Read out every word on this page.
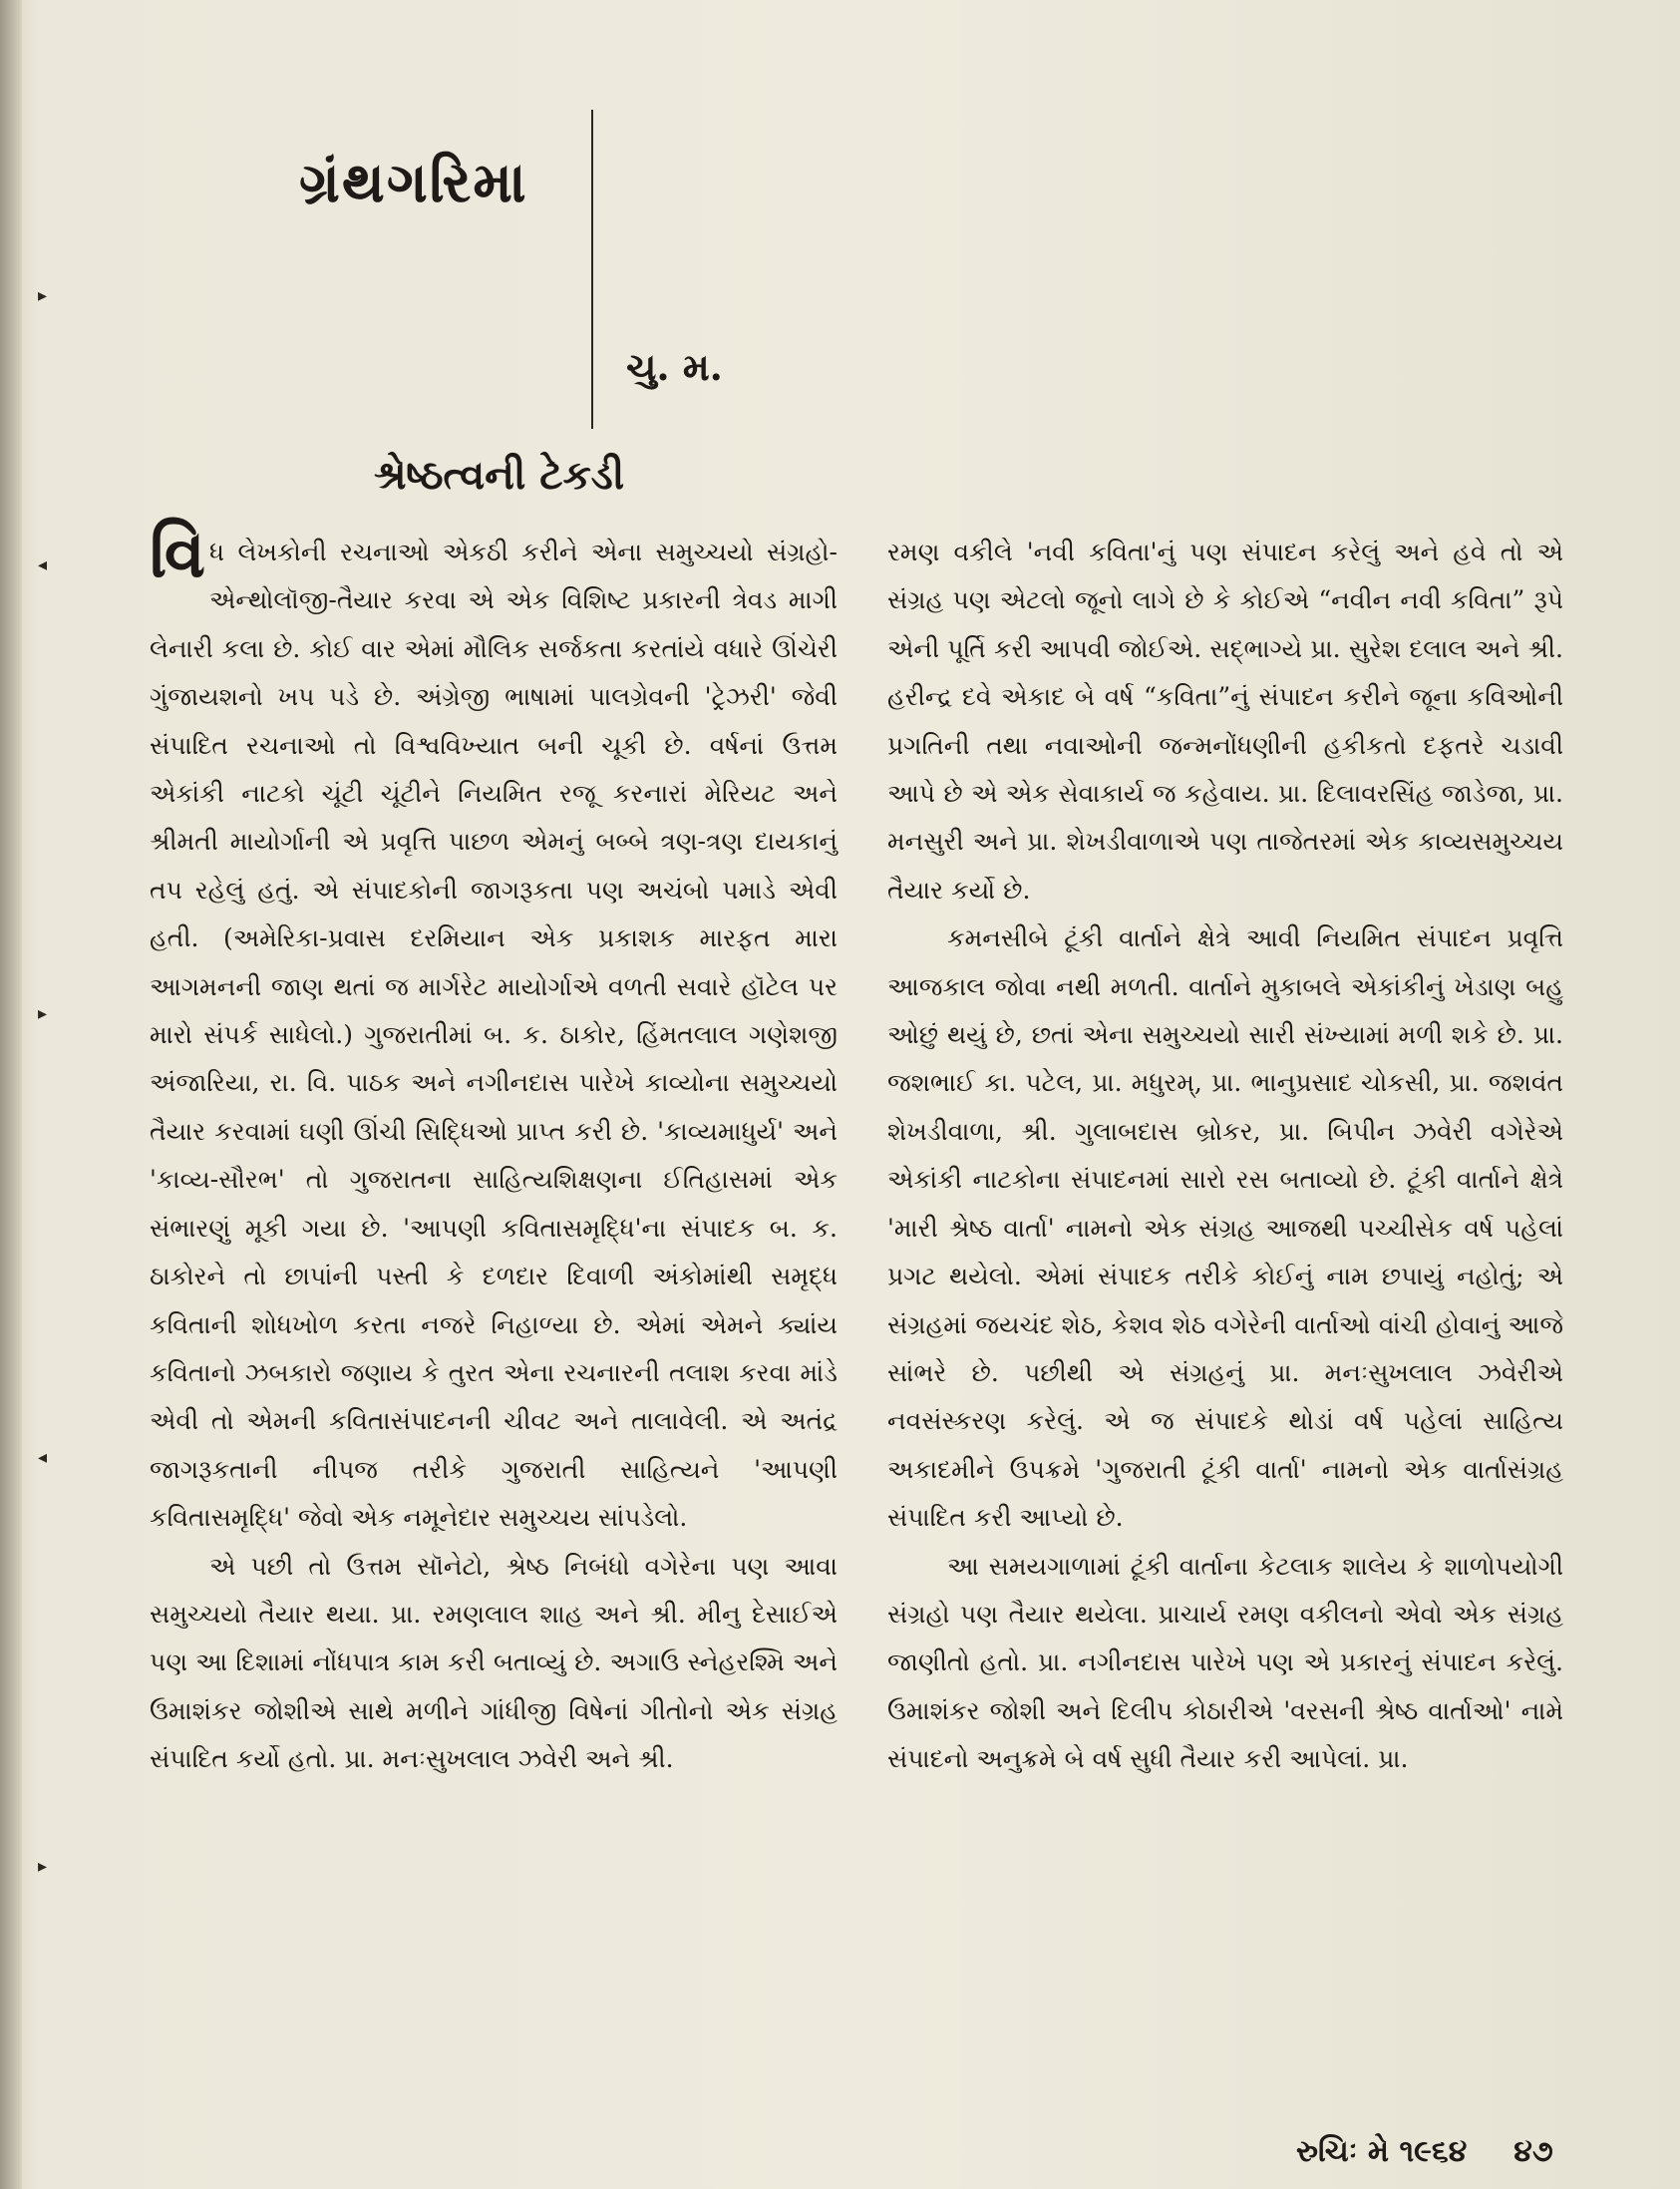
▸
◂
▸
◂
▸
ગ્રંથગરિમા
ચુ. મ.
શ્રેષ્ઠત્વની ટેકડી

વિધ લેખકોની રચનાઓ એકઠી કરીને એના સમુચ્ચયો સંગ્રહો-એન્થોલૉજી-તૈયાર કરવા એ એક વિશિષ્ટ પ્રકારની ત્રેવડ માગી લેનારી કલા છે. કોઈ વાર એમાં મૌલિક સર્જકતા કરતાંયે વધારે ઊંચેરી ગુંજાયશનો ખપ પડે છે. અંગ્રેજી ભાષામાં પાલગ્રેવની 'ટ્રેઝરી' જેવી સંપાદિત રચનાઓ તો વિશ્વવિખ્યાત બની ચૂકી છે. વર્ષનાં ઉત્તમ એકાંકી નાટકો ચૂંટી ચૂંટીને નિયમિત રજૂ કરનારાં મેરિયટ અને શ્રીમતી માયોર્ગાની એ પ્રવૃત્તિ પાછળ એમનું બબ્બે ત્રણ-ત્રણ દાયકાનું તપ રહેલું હતું. એ સંપાદકોની જાગરૂકતા પણ અચંબો પમાડે એવી હતી. (અમેરિકા-પ્રવાસ દરમિયાન એક પ્રકાશક મારફત મારા આગમનની જાણ થતાં જ માર્ગરેટ માયોર્ગાએ વળતી સવારે હૉટેલ પર મારો સંપર્ક સાધેલો.) ગુજરાતીમાં બ. ક. ઠાકોર, હિંમતલાલ ગણેશજી અંજારિયા, રા. વિ. પાઠક અને નગીનદાસ પારેખે કાવ્યોના સમુચ્ચયો તૈયાર કરવામાં ઘણી ઊંચી સિદ્ધિઓ પ્રાપ્ત કરી છે. 'કાવ્યમાધુર્ય' અને 'કાવ્ય-સૌરભ' તો ગુજરાતના સાહિત્યશિક્ષણના ઈતિહાસમાં એક સંભારણું મૂકી ગયા છે. 'આપણી કવિતાસમૃદ્ધિ'ના સંપાદક બ. ક. ઠાકોરને તો છાપાંની પસ્તી કે દળદાર દિવાળી અંકોમાંથી સમૃદ્ધ કવિતાની શોધખોળ કરતા નજરે નિહાળ્યા છે. એમાં એમને ક્યાંય કવિતાનો ઝબકારો જણાય કે તુરત એના રચનારની તલાશ કરવા માંડે એવી તો એમની કવિતાસંપાદનની ચીવટ અને તાલાવેલી. એ અતંદ્ર જાગરૂકતાની નીપજ તરીકે ગુજરાતી સાહિત્યને 'આપણી કવિતાસમૃદ્ધિ' જેવો એક નમૂનેદાર સમુચ્ચય સાંપડેલો.

એ પછી તો ઉત્તમ સૉનેટો, શ્રેષ્ઠ નિબંધો વગેરેના પણ આવા સમુચ્ચયો તૈયાર થયા. પ્રા. રમણલાલ શાહ અને શ્રી. મીનુ દેસાઈએ પણ આ દિશામાં નોંધપાત્ર કામ કરી બતાવ્યું છે. અગાઉ સ્નેહરશ્મિ અને ઉમાશંકર જોશીએ સાથે મળીને ગાંધીજી વિષેનાં ગીતોનો એક સંગ્રહ સંપાદિત કર્યો હતો. પ્રા. મનઃસુખલાલ ઝવેરી અને શ્રી.

રમણ વકીલે 'નવી કવિતા'નું પણ સંપાદન કરેલું અને હવે તો એ સંગ્રહ પણ એટલો જૂનો લાગે છે કે કોઈએ “નવીન નવી કવિતા” રૂપે એની પૂર્તિ કરી આપવી જોઈએ. સદ્ભાગ્યે પ્રા. સુરેશ દલાલ અને શ્રી. હરીન્દ્ર દવે એકાદ બે વર્ષ “કવિતા”નું સંપાદન કરીને જૂના કવિઓની પ્રગતિની તથા નવાઓની જન્મનોંધણીની હકીકતો દફતરે ચડાવી આપે છે એ એક સેવાકાર્ય જ કહેવાય. પ્રા. દિલાવરસિંહ જાડેજા, પ્રા. મનસુરી અને પ્રા. શેખડીવાળાએ પણ તાજેતરમાં એક કાવ્યસમુચ્ચય તૈયાર કર્યો છે.

કમનસીબે ટૂંકી વાર્તાને ક્ષેત્રે આવી નિયમિત સંપાદન પ્રવૃત્તિ આજકાલ જોવા નથી મળતી. વાર્તાને મુકાબલે એકાંકીનું ખેડાણ બહુ ઓછું થયું છે, છતાં એના સમુચ્ચયો સારી સંખ્યામાં મળી શકે છે. પ્રા. જશભાઈ કા. પટેલ, પ્રા. મધુરમ્, પ્રા. ભાનુપ્રસાદ ચોકસી, પ્રા. જશવંત શેખડીવાળા, શ્રી. ગુલાબદાસ બ્રોકર, પ્રા. બિપીન ઝવેરી વગેરેએ એકાંકી નાટકોના સંપાદનમાં સારો રસ બતાવ્યો છે. ટૂંકી વાર્તાને ક્ષેત્રે 'મારી શ્રેષ્ઠ વાર્તા' નામનો એક સંગ્રહ આજથી પચ્ચીસેક વર્ષ પહેલાં પ્રગટ થયેલો. એમાં સંપાદક તરીકે કોઈનું નામ છપાયું નહોતું; એ સંગ્રહમાં જયચંદ શેઠ, કેશવ શેઠ વગેરેની વાર્તાઓ વાંચી હોવાનું આજે સાંભરે છે. પછીથી એ સંગ્રહનું પ્રા. મનઃસુખલાલ ઝવેરીએ નવસંસ્કરણ કરેલું. એ જ સંપાદકે થોડાં વર્ષ પહેલાં સાહિત્ય અકાદમીને ઉપક્રમે 'ગુજરાતી ટૂંકી વાર્તા' નામનો એક વાર્તાસંગ્રહ સંપાદિત કરી આપ્યો છે.

આ સમયગાળામાં ટૂંકી વાર્તાના કેટલાક શાલેય કે શાળોપયોગી સંગ્રહો પણ તૈયાર થયેલા. પ્રાચાર્ય રમણ વકીલનો એવો એક સંગ્રહ જાણીતો હતો. પ્રા. નગીનદાસ પારેખે પણ એ પ્રકારનું સંપાદન કરેલું. ઉમાશંકર જોશી અને દિલીપ કોઠારીએ 'વરસની શ્રેષ્ઠ વાર્તાઓ' નામે સંપાદનો અનુક્રમે બે વર્ષ સુધી તૈયાર કરી આપેલાં. પ્રા.

રુચિઃ મે ૧૯૬૪ ૪૭
